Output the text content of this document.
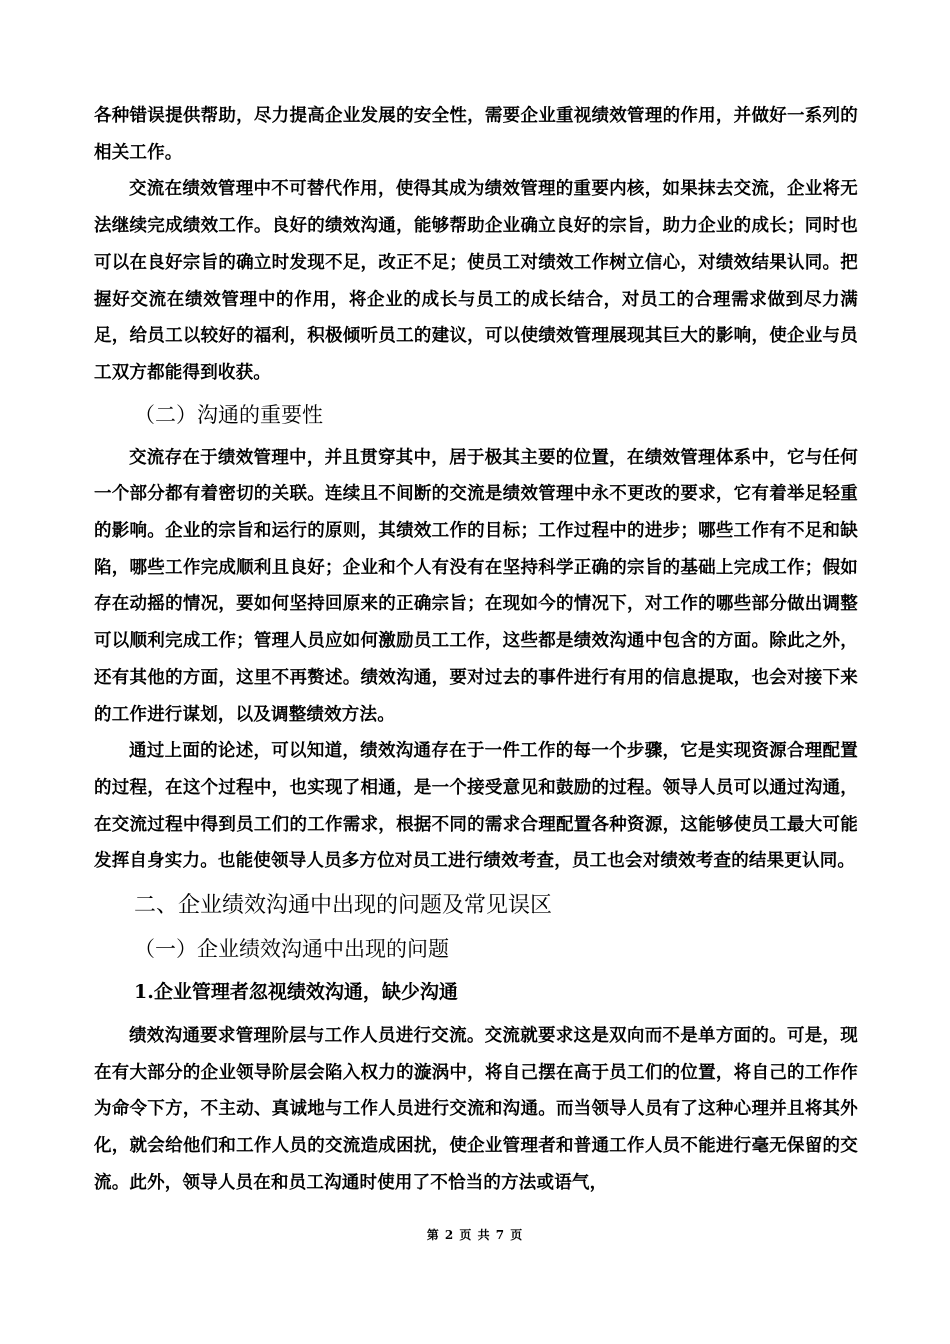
各种错误提供帮助，尽力提高企业发展的安全性，需要企业重视绩效管理的作用，并做好一系列的相关工作。

交流在绩效管理中不可替代作用，使得其成为绩效管理的重要内核，如果抹去交流，企业将无法继续完成绩效工作。良好的绩效沟通，能够帮助企业确立良好的宗旨，助力企业的成长；同时也可以在良好宗旨的确立时发现不足，改正不足；使员工对绩效工作树立信心，对绩效结果认同。把握好交流在绩效管理中的作用，将企业的成长与员工的成长结合，对员工的合理需求做到尽力满足，给员工以较好的福利，积极倾听员工的建议，可以使绩效管理展现其巨大的影响，使企业与员工双方都能得到收获。

（二）沟通的重要性

交流存在于绩效管理中，并且贯穿其中，居于极其主要的位置，在绩效管理体系中，它与任何一个部分都有着密切的关联。连续且不间断的交流是绩效管理中永不更改的要求，它有着举足轻重的影响。企业的宗旨和运行的原则，其绩效工作的目标；工作过程中的进步；哪些工作有不足和缺陷，哪些工作完成顺利且良好；企业和个人有没有在坚持科学正确的宗旨的基础上完成工作；假如存在动摇的情况，要如何坚持回原来的正确宗旨；在现如今的情况下，对工作的哪些部分做出调整可以顺利完成工作；管理人员应如何激励员工工作，这些都是绩效沟通中包含的方面。除此之外，还有其他的方面，这里不再赘述。绩效沟通，要对过去的事件进行有用的信息提取，也会对接下来的工作进行谋划，以及调整绩效方法。

通过上面的论述，可以知道，绩效沟通存在于一件工作的每一个步骤，它是实现资源合理配置的过程，在这个过程中，也实现了相通，是一个接受意见和鼓励的过程。领导人员可以通过沟通，在交流过程中得到员工们的工作需求，根据不同的需求合理配置各种资源，这能够使员工最大可能发挥自身实力。也能使领导人员多方位对员工进行绩效考查，员工也会对绩效考查的结果更认同。

二、企业绩效沟通中出现的问题及常见误区
（一）企业绩效沟通中出现的问题
1.企业管理者忽视绩效沟通，缺少沟通

绩效沟通要求管理阶层与工作人员进行交流。交流就要求这是双向而不是单方面的。可是，现在有大部分的企业领导阶层会陷入权力的漩涡中，将自己摆在高于员工们的位置，将自己的工作作为命令下方，不主动、真诚地与工作人员进行交流和沟通。而当领导人员有了这种心理并且将其外化，就会给他们和工作人员的交流造成困扰，使企业管理者和普通工作人员不能进行毫无保留的交流。此外，领导人员在和员工沟通时使用了不恰当的方法或语气，

第 2 页 共 7 页
